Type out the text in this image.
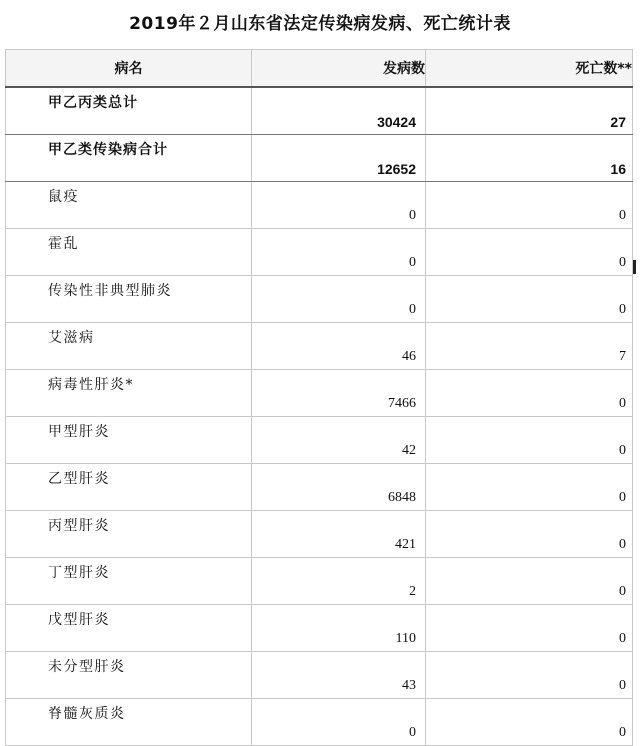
2019年２月山东省法定传染病发病、死亡统计表
病名	发病数	死亡数**
甲乙丙类总计	30424	27
甲乙类传染病合计	12652	16
鼠疫	0	0
霍乱	0	0
传染性非典型肺炎	0	0
艾滋病	46	7
病毒性肝炎*	7466	0
甲型肝炎	42	0
乙型肝炎	6848	0
丙型肝炎	421	0
丁型肝炎	2	0
戊型肝炎	110	0
未分型肝炎	43	0
脊髓灰质炎	0	0
